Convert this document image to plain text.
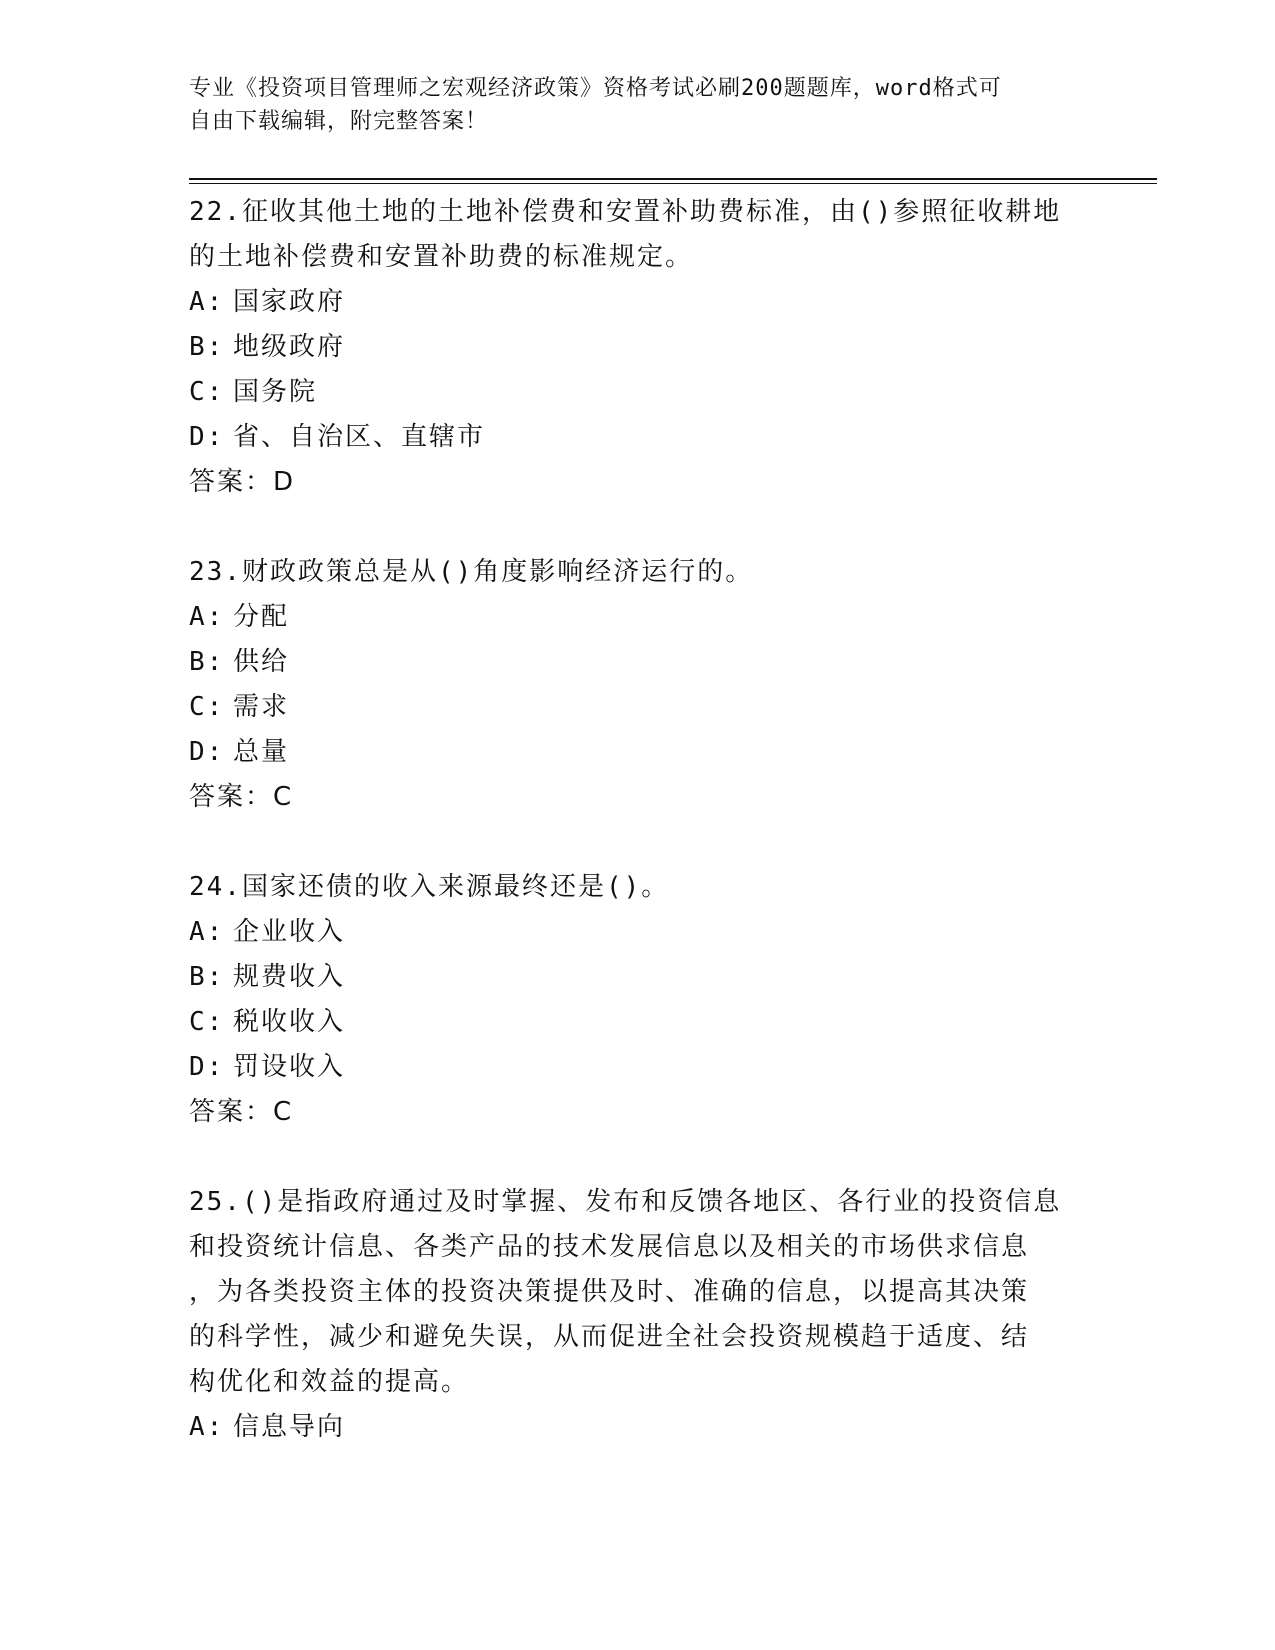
专业《投资项目管理师之宏观经济政策》资格考试必刷200题题库，word格式可
自由下载编辑，附完整答案！

22.征收其他土地的土地补偿费和安置补助费标准，由()参照征收耕地

的土地补偿费和安置补助费的标准规定。

A: 国家政府

B: 地级政府

C: 国务院

D: 省、自治区、直辖市

答案：D

23.财政政策总是从()角度影响经济运行的。

A: 分配

B: 供给

C: 需求

D: 总量

答案：C

24.国家还债的收入来源最终还是()。

A: 企业收入

B: 规费收入

C: 税收收入

D: 罚设收入

答案：C

25.()是指政府通过及时掌握、发布和反馈各地区、各行业的投资信息

和投资统计信息、各类产品的技术发展信息以及相关的市场供求信息

，为各类投资主体的投资决策提供及时、准确的信息，以提高其决策

的科学性，减少和避免失误，从而促进全社会投资规模趋于适度、结

构优化和效益的提高。

A: 信息导向
